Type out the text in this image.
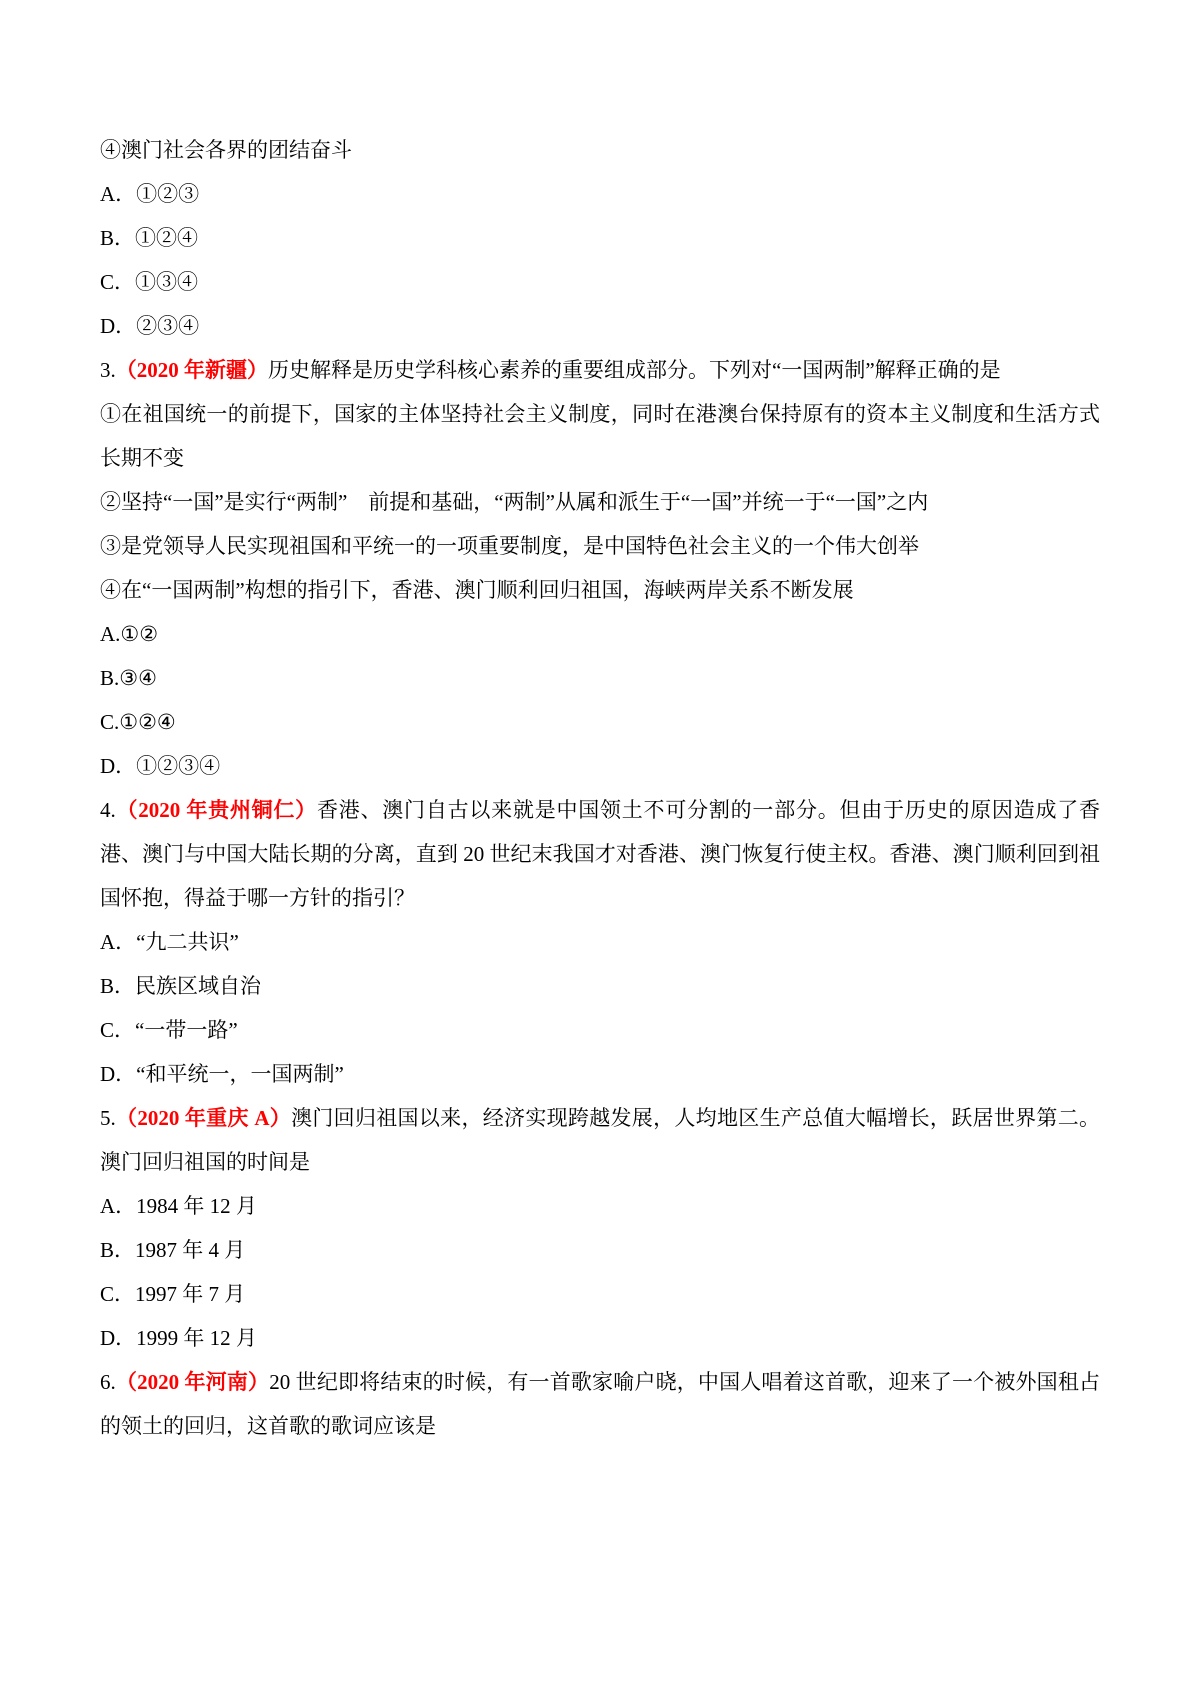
④澳门社会各界的团结奋斗

A．①②③

B．①②④

C．①③④

D．②③④

3.（2020 年新疆）历史解释是历史学科核心素养的重要组成部分。下列对“一国两制”解释正确的是

①在祖国统一的前提下，国家的主体坚持社会主义制度，同时在港澳台保持原有的资本主义制度和生活方式长期不变

②坚持“一国”是实行“两制”　前提和基础，“两制”从属和派生于“一国”并统一于“一国”之内

③是党领导人民实现祖国和平统一的一项重要制度，是中国特色社会主义的一个伟大创举

④在“一国两制”构想的指引下，香港、澳门顺利回归祖国，海峡两岸关系不断发展

A.①②

B.③④

C.①②④

D．①②③④

4.（2020 年贵州铜仁）香港、澳门自古以来就是中国领土不可分割的一部分。但由于历史的原因造成了香港、澳门与中国大陆长期的分离，直到 20 世纪末我国才对香港、澳门恢复行使主权。香港、澳门顺利回到祖国怀抱，得益于哪一方针的指引？

A．“九二共识”

B．民族区域自治

C．“一带一路”

D．“和平统一，一国两制”

5.（2020 年重庆 A）澳门回归祖国以来，经济实现跨越发展，人均地区生产总值大幅增长，跃居世界第二。澳门回归祖国的时间是

A．1984 年 12 月

B．1987 年 4 月

C．1997 年 7 月

D．1999 年 12 月

6.（2020 年河南）20 世纪即将结束的时候，有一首歌家喻户晓，中国人唱着这首歌，迎来了一个被外国租占的领土的回归，这首歌的歌词应该是
